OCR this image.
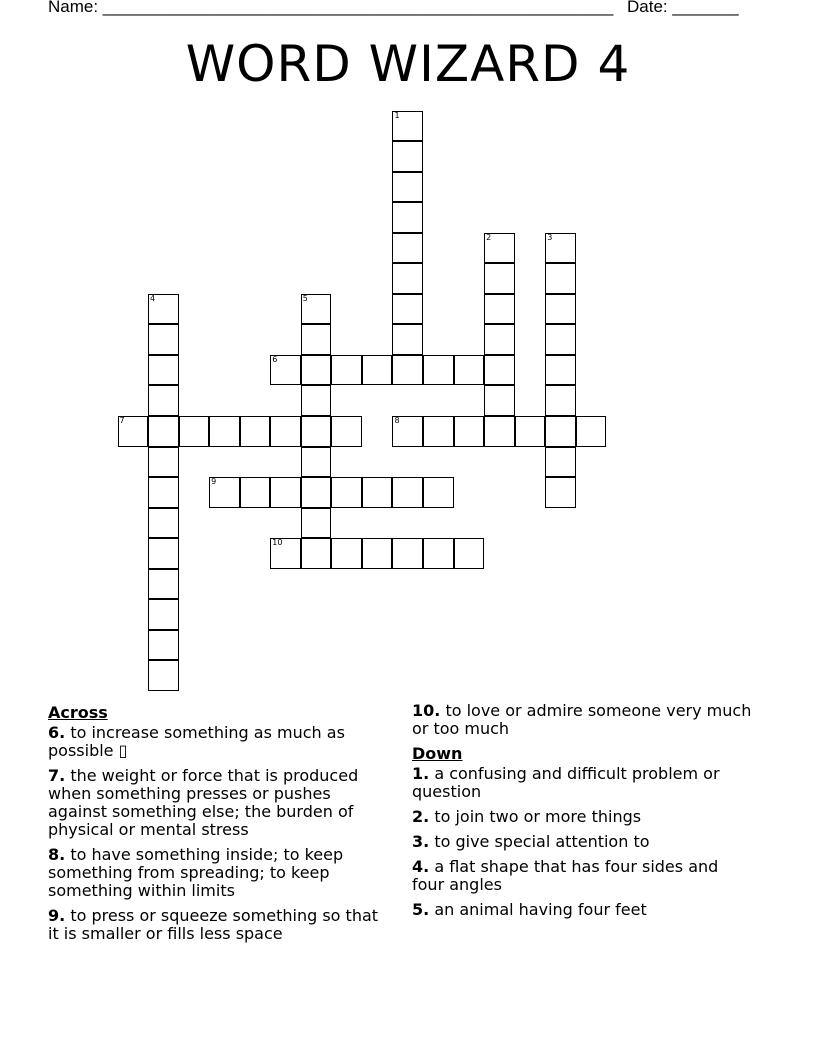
Name: ______________________________________________________ Date: _______
WORD WIZARD 4
1
2	3
4	5
6
7	8
9
10
Across
6. to increase something as much as possible ▯
7. the weight or force that is produced when something presses or pushes against something else; the burden of physical or mental stress
8. to have something inside; to keep something from spreading; to keep something within limits
9. to press or squeeze something so that it is smaller or fills less space
10. to love or admire someone very much or too much
Down
1. a confusing and difficult problem or question
2. to join two or more things
3. to give special attention to
4. a flat shape that has four sides and four angles
5. an animal having four feet
